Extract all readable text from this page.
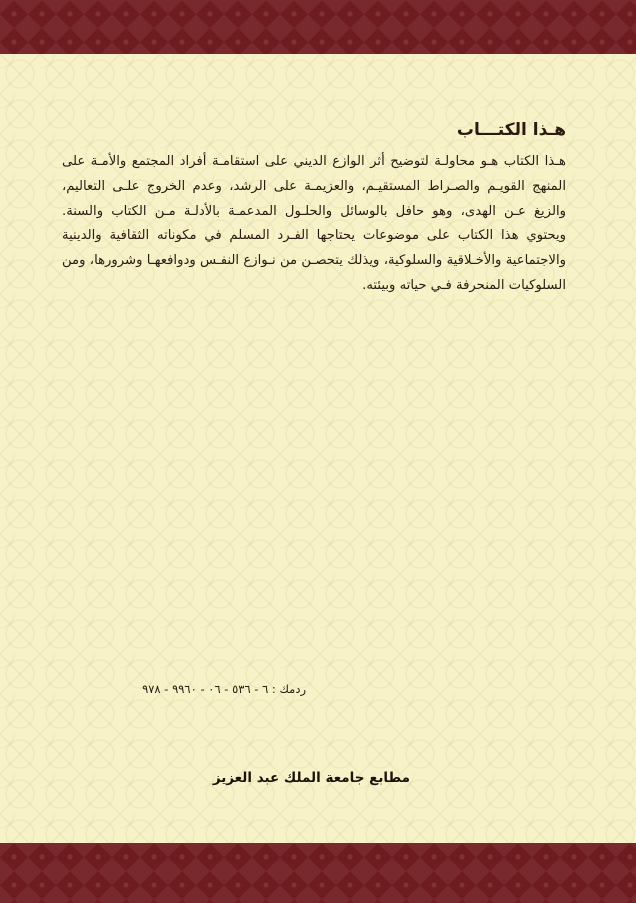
هـذا الكتـــاب

هـذا الكتاب هـو محاولـة لتوضيح أثر الوازع الديني على استقامـة أفراد المجتمع والأمـة على المنهج القويـم والصـراط المستقيـم، والعزيمـة على الرشد، وعدم الخروج علـى التعاليم، والزيغ عـن الهدى، وهو حافل بالوسائل والحلـول المدعمـة بالأدلـة مـن الكتاب والسنة. ويحتوي هذا الكتاب على موضوعات يحتاجها الفـرد المسلم في مكوناته الثقافية والدينية والاجتماعية والأخـلاقية والسلوكية، ويذلك يتحصـن من نـوازع النفـس ودوافعهـا وشرورها، ومن السلوكيات المنحرفة فـي حياته وبيئته.

ردمك : ٦ - ٥٣٦ - ٠٦ - ٩٩٦٠ - ٩٧٨
مطابع جامعة الملك عبد العزيز
